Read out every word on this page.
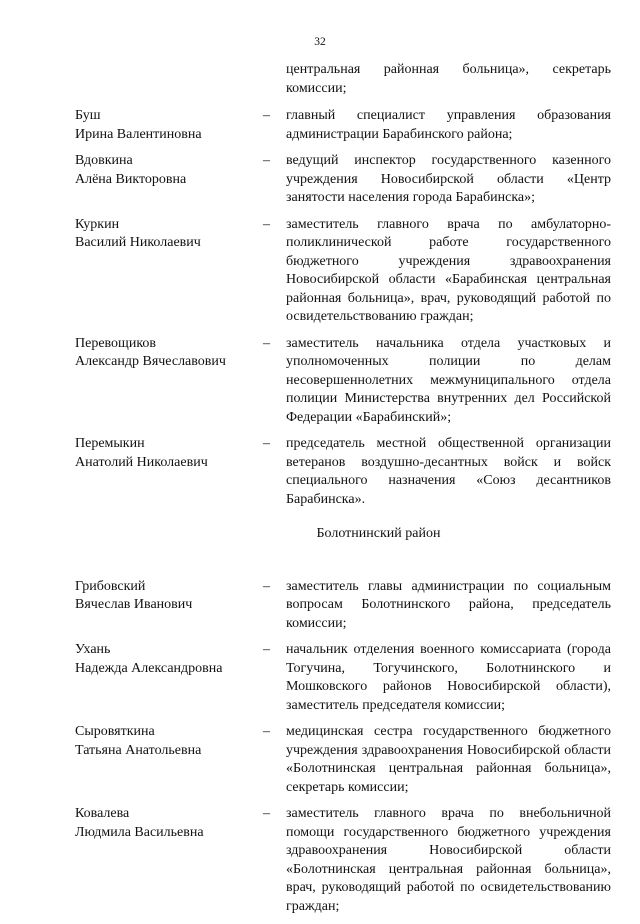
32
центральная районная больница», секретарь комиссии;
Буш
Ирина Валентиновна
–	главный специалист управления образования администрации Барабинского района;
Вдовкина
Алёна Викторовна
–	ведущий инспектор государственного казенного учреждения Новосибирской области «Центр занятости населения города Барабинска»;
Куркин
Василий Николаевич
–	заместитель главного врача по амбулаторно-поликлинической работе государственного бюджетного учреждения здравоохранения Новосибирской области «Барабинская центральная районная больница», врач, руководящий работой по освидетельствованию граждан;
Перевощиков
Александр Вячеславович
–	заместитель начальника отдела участковых и уполномоченных полиции по делам несовершеннолетних межмуниципального отдела полиции Министерства внутренних дел Российской Федерации «Барабинский»;
Перемыкин
Анатолий Николаевич
–	председатель местной общественной организации ветеранов воздушно-десантных войск и войск специального назначения «Союз десантников Барабинска».
Болотнинский район
Грибовский
Вячеслав Иванович
–	заместитель главы администрации по социальным вопросам Болотнинского района, председатель комиссии;
Ухань
Надежда Александровна
–	начальник отделения военного комиссариата (города Тогучина, Тогучинского, Болотнинского и Мошковского районов Новосибирской области), заместитель председателя комиссии;
Сыровяткина
Татьяна Анатольевна
–	медицинская сестра государственного бюджетного учреждения здравоохранения Новосибирской области «Болотнинская центральная районная больница», секретарь комиссии;
Ковалева
Людмила Васильевна
–	заместитель главного врача по внебольничной помощи государственного бюджетного учреждения здравоохранения Новосибирской области «Болотнинская центральная районная больница», врач, руководящий работой по освидетельствованию граждан;
